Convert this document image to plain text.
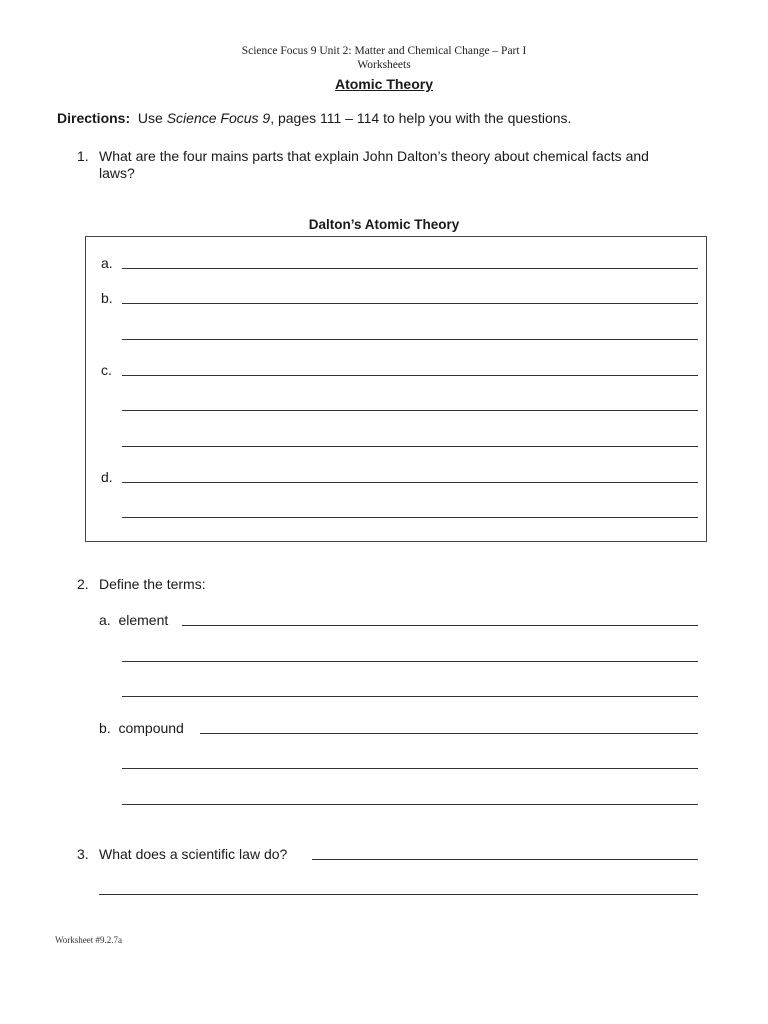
Science Focus 9 Unit 2: Matter and Chemical Change – Part I
Worksheets
Atomic Theory
Directions: Use Science Focus 9, pages 111 – 114 to help you with the questions.
1. What are the four mains parts that explain John Dalton’s theory about chemical facts and
laws?
Dalton’s Atomic Theory
a.
b.
c.
d.
2. Define the terms:
a.  element
b.  compound
3. What does a scientific law do?
Worksheet #9.2.7a
